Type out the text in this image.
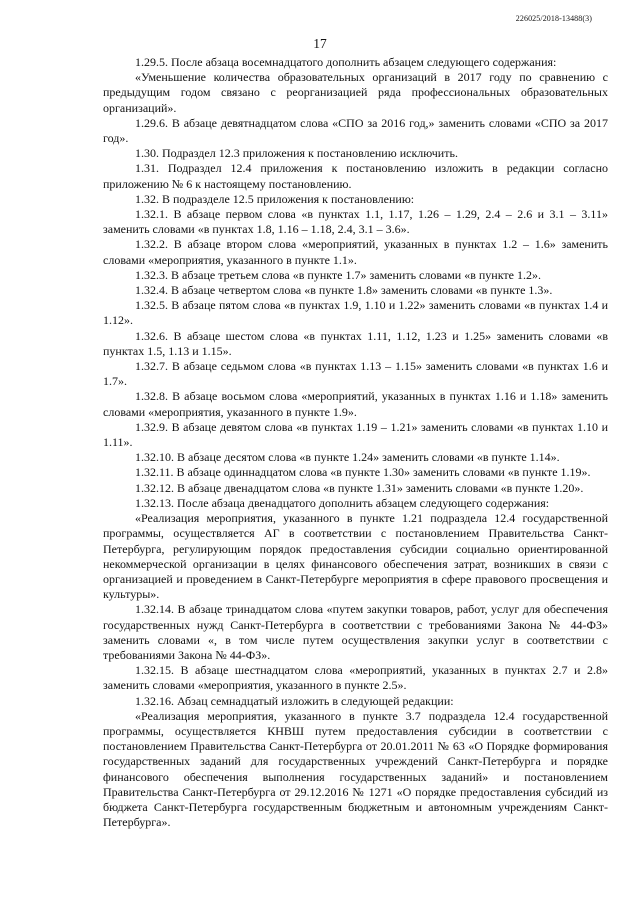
226025/2018-13488(3)
17

1.29.5. После абзаца восемнадцатого дополнить абзацем следующего содержания:

«Уменьшение количества образовательных организаций в 2017 году по сравнению с предыдущим годом связано с реорганизацией ряда профессиональных образовательных организаций».

1.29.6. В абзаце девятнадцатом слова «СПО за 2016 год,» заменить словами «СПО за 2017 год».

1.30. Подраздел 12.3 приложения к постановлению исключить.

1.31. Подраздел 12.4 приложения к постановлению изложить в редакции согласно приложению № 6 к настоящему постановлению.

1.32. В подразделе 12.5 приложения к постановлению:

1.32.1. В абзаце первом слова «в пунктах 1.1, 1.17, 1.26 – 1.29, 2.4 – 2.6 и 3.1 – 3.11» заменить словами «в пунктах 1.8, 1.16 – 1.18, 2.4, 3.1 – 3.6».

1.32.2. В абзаце втором слова «мероприятий, указанных в пунктах 1.2 – 1.6» заменить словами «мероприятия, указанного в пункте 1.1».

1.32.3. В абзаце третьем слова «в пункте 1.7» заменить словами «в пункте 1.2».

1.32.4. В абзаце четвертом слова «в пункте 1.8» заменить словами «в пункте 1.3».

1.32.5. В абзаце пятом слова «в пунктах 1.9, 1.10 и 1.22» заменить словами «в пунктах 1.4 и 1.12».

1.32.6. В абзаце шестом слова «в пунктах 1.11, 1.12, 1.23 и 1.25» заменить словами «в пунктах 1.5, 1.13 и 1.15».

1.32.7. В абзаце седьмом слова «в пунктах 1.13 – 1.15» заменить словами «в пунктах 1.6 и 1.7».

1.32.8. В абзаце восьмом слова «мероприятий, указанных в пунктах 1.16 и 1.18» заменить словами «мероприятия, указанного в пункте 1.9».

1.32.9. В абзаце девятом слова «в пунктах 1.19 – 1.21» заменить словами «в пунктах 1.10 и 1.11».

1.32.10. В абзаце десятом слова «в пункте 1.24» заменить словами «в пункте 1.14».

1.32.11. В абзаце одиннадцатом слова «в пункте 1.30» заменить словами «в пункте 1.19».

1.32.12. В абзаце двенадцатом слова «в пункте 1.31» заменить словами «в пункте 1.20».

1.32.13. После абзаца двенадцатого дополнить абзацем следующего содержания:

«Реализация мероприятия, указанного в пункте 1.21 подраздела 12.4 государственной программы, осуществляется АГ в соответствии с постановлением Правительства Санкт-Петербурга, регулирующим порядок предоставления субсидии социально ориентированной некоммерческой организации в целях финансового обеспечения затрат, возникших в связи с организацией и проведением в Санкт-Петербурге мероприятия в сфере правового просвещения и культуры».

1.32.14. В абзаце тринадцатом слова «путем закупки товаров, работ, услуг для обеспечения государственных нужд Санкт-Петербурга в соответствии с требованиями Закона № 44-ФЗ» заменить словами «, в том числе путем осуществления закупки услуг в соответствии с требованиями Закона № 44-ФЗ».

1.32.15. В абзаце шестнадцатом слова «мероприятий, указанных в пунктах 2.7 и 2.8» заменить словами «мероприятия, указанного в пункте 2.5».

1.32.16. Абзац семнадцатый изложить в следующей редакции:

«Реализация мероприятия, указанного в пункте 3.7 подраздела 12.4 государственной программы, осуществляется КНВШ путем предоставления субсидии в соответствии с постановлением Правительства Санкт-Петербурга от 20.01.2011 № 63 «О Порядке формирования государственных заданий для государственных учреждений Санкт-Петербурга и порядке финансового обеспечения выполнения государственных заданий» и постановлением Правительства Санкт-Петербурга от 29.12.2016 № 1271 «О порядке предоставления субсидий из бюджета Санкт-Петербурга государственным бюджетным и автономным учреждениям Санкт-Петербурга».
